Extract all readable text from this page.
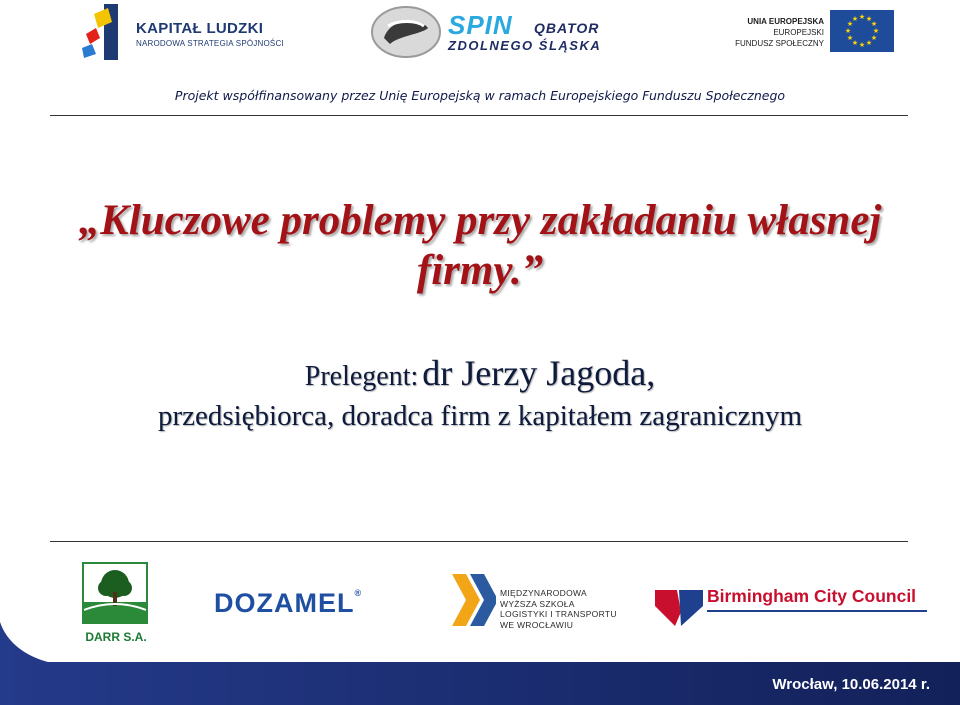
KAPITAŁ LUDZKI
NARODOWA STRATEGIA SPÓJNOŚCI
SPIN QBATOR
ZDOLNEGO ŚLĄSKA
UNIA EUROPEJSKA
EUROPEJSKI
FUNDUSZ SPOŁECZNY
★ ★
★
★
★
★
★
★
★
★
★
★
Projekt współfinansowany przez Unię Europejską w ramach Europejskiego Funduszu Społecznego
„Kluczowe problemy przy zakładaniu własnej
firmy.”
Prelegent: dr Jerzy Jagoda,
przedsiębiorca, doradca firm z kapitałem zagranicznym
DARR S.A.
DOZAMEL®	MIĘDZYNARODOWA
WYŻSZA SZKOŁA
LOGISTYKI I TRANSPORTU
WE WROCŁAWIU
Birmingham City Council
Wrocław, 10.06.2014 r.
